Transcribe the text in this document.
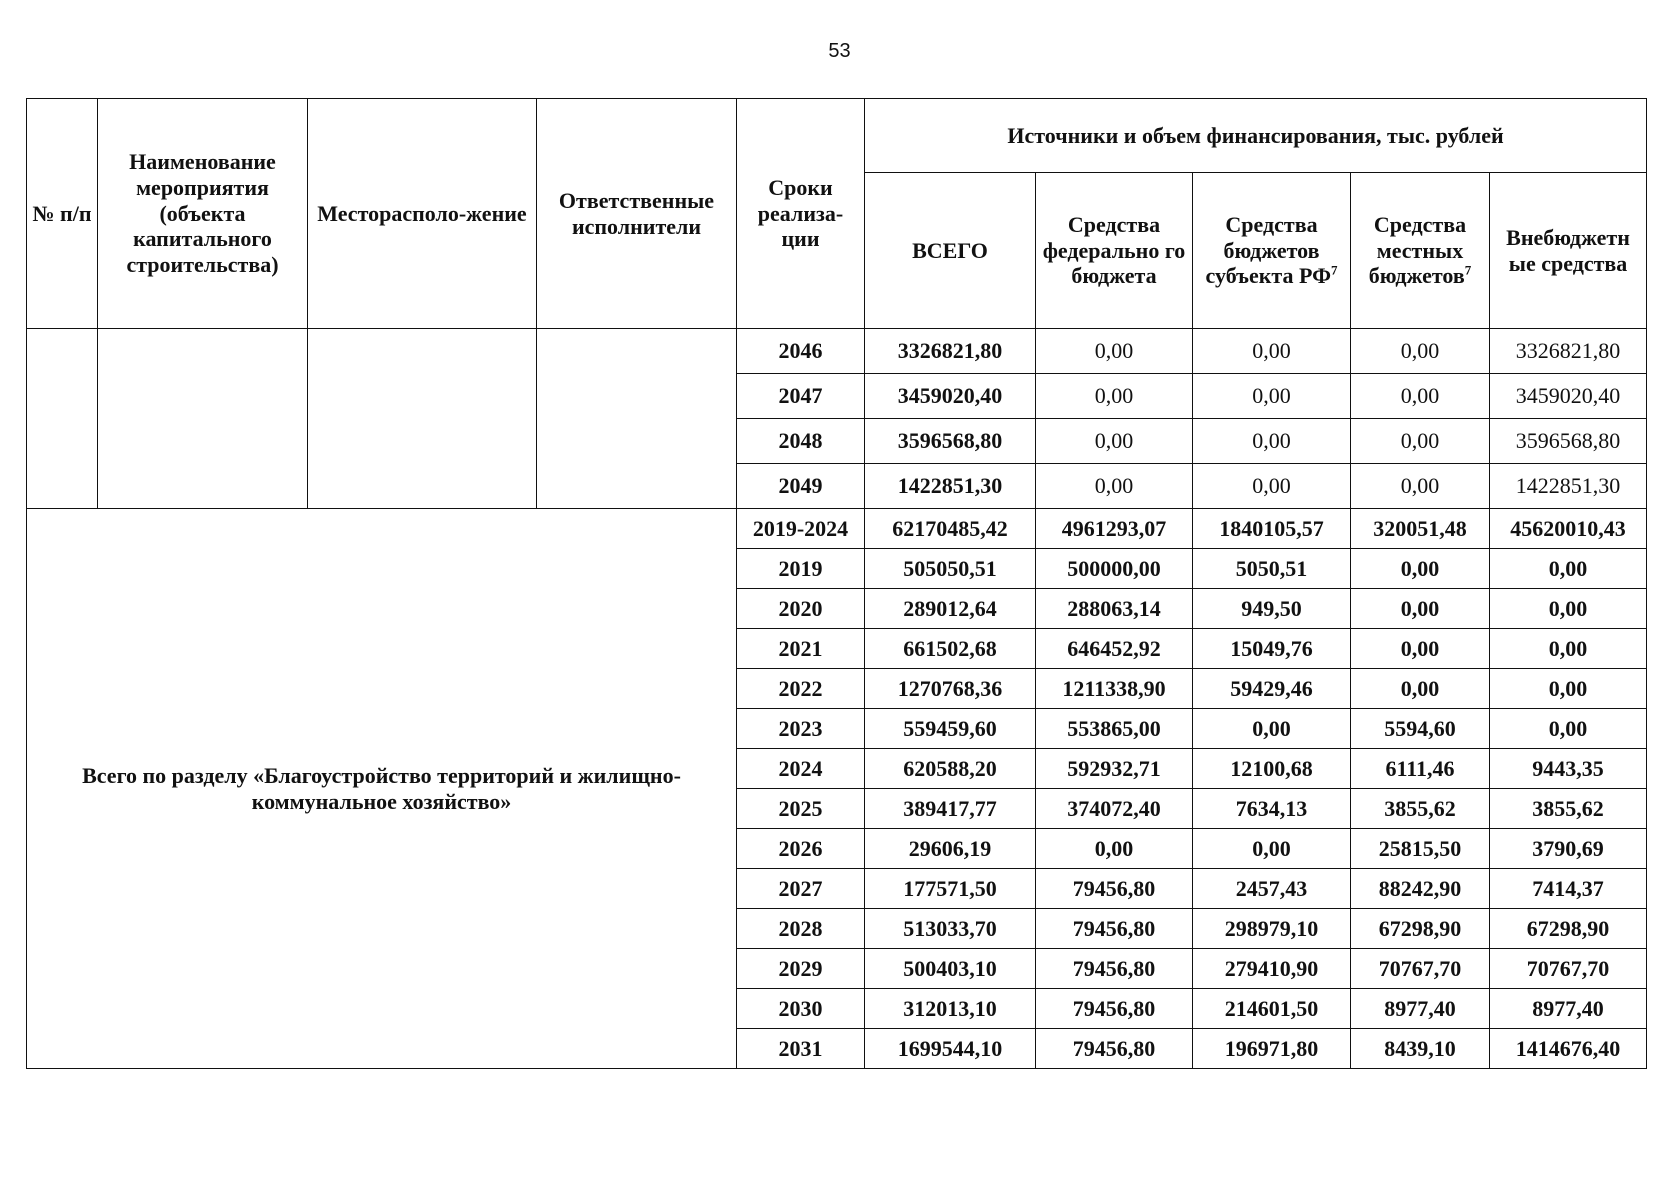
53
№ п/п	Наименование мероприятия (объекта капитального строительства)	Месторасполо-жение	Ответственные исполнители	Сроки реализа-ции	Источники и объем финансирования, тыс. рублей				
					ВСЕГО	Средства федерально го бюджета	Средства бюджетов субъекта $РФ^7$	Средства местных бюджетов$^7$	Внебюджетн ые средства
				2046	3326821,80	0,00	0,00	0,00	3326821,80
				2047	3459020,40	0,00	0,00	0,00	3459020,40
				2048	3596568,80	0,00	0,00	0,00	3596568,80
				2049	1422851,30	0,00	0,00	0,00	1422851,30
Всего по разделу «Благоустройство территорий и жилищно-коммунальное хозяйство»				2019-2024	62170485,42	4961293,07	1840105,57	320051,48	45620010,43
				2019	505050,51	500000,00	5050,51	0,00	0,00
				2020	289012,64	288063,14	949,50	0,00	0,00
				2021	661502,68	646452,92	15049,76	0,00	0,00
				2022	1270768,36	1211338,90	59429,46	0,00	0,00
				2023	559459,60	553865,00	0,00	5594,60	0,00
				2024	620588,20	592932,71	12100,68	6111,46	9443,35
				2025	389417,77	374072,40	7634,13	3855,62	3855,62
				2026	29606,19	0,00	0,00	25815,50	3790,69
				2027	177571,50	79456,80	2457,43	88242,90	7414,37
				2028	513033,70	79456,80	298979,10	67298,90	67298,90
				2029	500403,10	79456,80	279410,90	70767,70	70767,70
				2030	312013,10	79456,80	214601,50	8977,40	8977,40
				2031	1699544,10	79456,80	196971,80	8439,10	1414676,40
